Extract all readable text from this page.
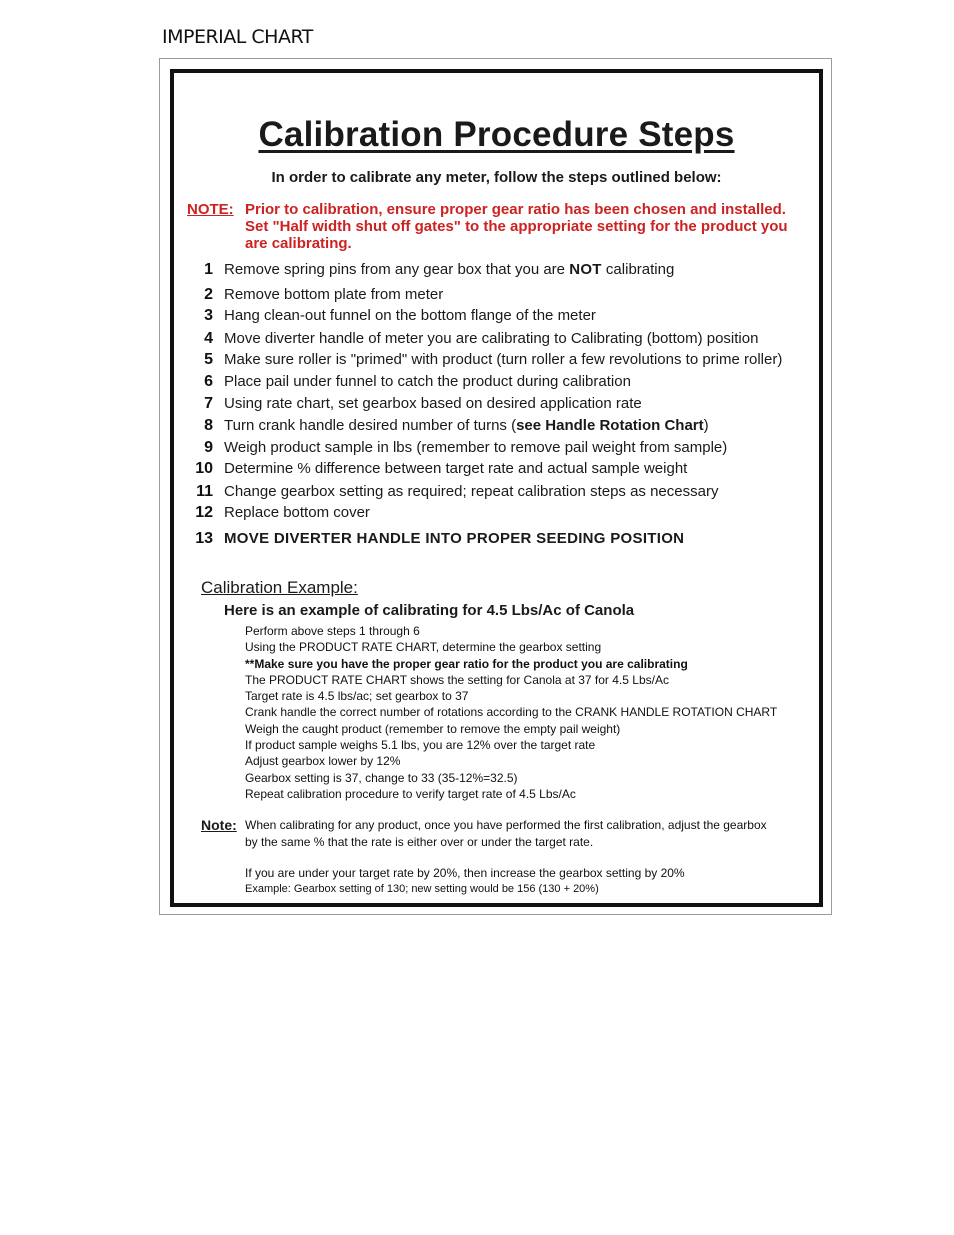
IMPERIAL CHART
Calibration Procedure Steps
In order to calibrate any meter, follow the steps outlined below:
NOTE: Prior to calibration, ensure proper gear ratio has been chosen and installed.
Set "Half width shut off gates" to the appropriate setting for the product you
are calibrating.
1 Remove spring pins from any gear box that you are NOT calibrating
2 Remove bottom plate from meter
3 Hang clean-out funnel on the bottom flange of the meter
4 Move diverter handle of meter you are calibrating to Calibrating (bottom) position
5 Make sure roller is "primed" with product (turn roller a few revolutions to prime roller)
6 Place pail under funnel to catch the product during calibration
7 Using rate chart, set gearbox based on desired application rate
8 Turn crank handle desired number of turns (see Handle Rotation Chart)
9 Weigh product sample in lbs (remember to remove pail weight from sample)
10 Determine % difference between target rate and actual sample weight
11 Change gearbox setting as required; repeat calibration steps as necessary
12 Replace bottom cover
13 MOVE DIVERTER HANDLE INTO PROPER SEEDING POSITION
Calibration Example:
Here is an example of calibrating for 4.5 Lbs/Ac of Canola
Perform above steps 1 through 6
Using the PRODUCT RATE CHART, determine the gearbox setting
**Make sure you have the proper gear ratio for the product you are calibrating
The PRODUCT RATE CHART shows the setting for Canola at 37 for 4.5 Lbs/Ac
Target rate is 4.5 lbs/ac; set gearbox to 37
Crank handle the correct number of rotations according to the CRANK HANDLE ROTATION CHART
Weigh the caught product (remember to remove the empty pail weight)
If product sample weighs 5.1 lbs, you are 12% over the target rate
Adjust gearbox lower by 12%
Gearbox setting is 37, change to 33 (35-12%=32.5)
Repeat calibration procedure to verify target rate of 4.5 Lbs/Ac
Note: When calibrating for any product, once you have performed the first calibration, adjust the gearbox
by the same % that the rate is either over or under the target rate.
If you are under your target rate by 20%, then increase the gearbox setting by 20%
Example: Gearbox setting of 130; new setting would be 156 (130 + 20%)
